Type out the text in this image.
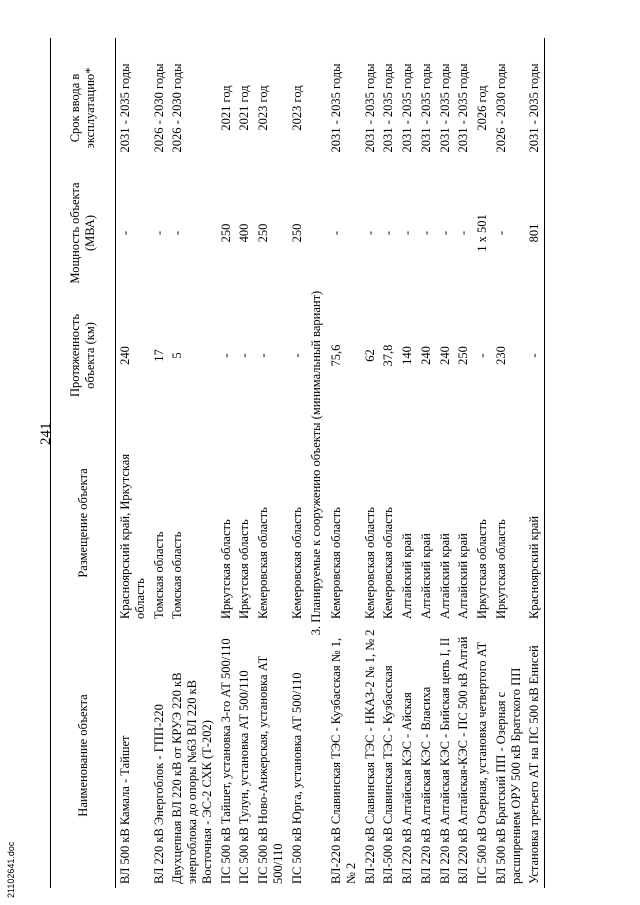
241
21102641.doc
Наименование объекта	Размещение объекта	Протяженность объекта (км)	Мощность объекта (МВА)	Срок ввода в эксплуатацию*
ВЛ 500 кВ Камала - Тайшет	Красноярский край, Иркутская область	240	-	2031 - 2035 годы
ВЛ 220 кВ Энергоблок - ГПП-220	Томская область	17	-	2026 - 2030 годы
Двухцепная ВЛ 220 кВ от КРУЭ 220 кВ энергоблока до опоры №63 ВЛ 220 кВ Восточная - ЭС-2 СХК (Т-202)	Томская область	5	-	2026 - 2030 годы
ПС 500 кВ Тайшет, установка 3-го АТ 500/110	Иркутская область	-	250	2021 год
ПС 500 кВ Тулун, установка АТ 500/110	Иркутская область	-	400	2021 год
ПС 500 кВ Ново-Анжерская, установка АТ 500/110	Кемеровская область	-	250	2023 год
ПС 500 кВ Юрга, установка АТ 500/110	Кемеровская область	-	250	2023 год
3. Планируемые к сооружению объекты (минимальный вариант)				
ВЛ-220 кВ Славинская ТЭС - Кузбасская № 1, № 2	Кемеровская область	75,6	-	2031 - 2035 годы
ВЛ-220 кВ Славинская ТЭС - НКАЗ-2 № 1, № 2	Кемеровская область	62	-	2031 - 2035 годы
ВЛ-500 кВ Славинская ТЭС - Кузбасская	Кемеровская область	37,8	-	2031 - 2035 годы
ВЛ 220 кВ Алтайская КЭС - Айская	Алтайский край	140	-	2031 - 2035 годы
ВЛ 220 кВ Алтайская КЭС - Власиха	Алтайский край	240	-	2031 - 2035 годы
ВЛ 220 кВ Алтайская КЭС - Бийская цепь I, II	Алтайский край	240	-	2031 - 2035 годы
ВЛ 220 кВ Алтайская-КЭС - ПС 500 кВ Алтай	Алтайский край	250	-	2031 - 2035 годы
ПС 500 кВ Озерная, установка четвертого АТ	Иркутская область	-	1 x 501	2026 год
ВЛ 500 кВ Братский ПП - Озерная с расширением ОРУ 500 кВ Братского ПП	Иркутская область	230	-	2026 - 2030 годы
Установка третьего АТ на ПС 500 кВ Енисей	Красноярский край	-	801	2031 - 2035 годы
